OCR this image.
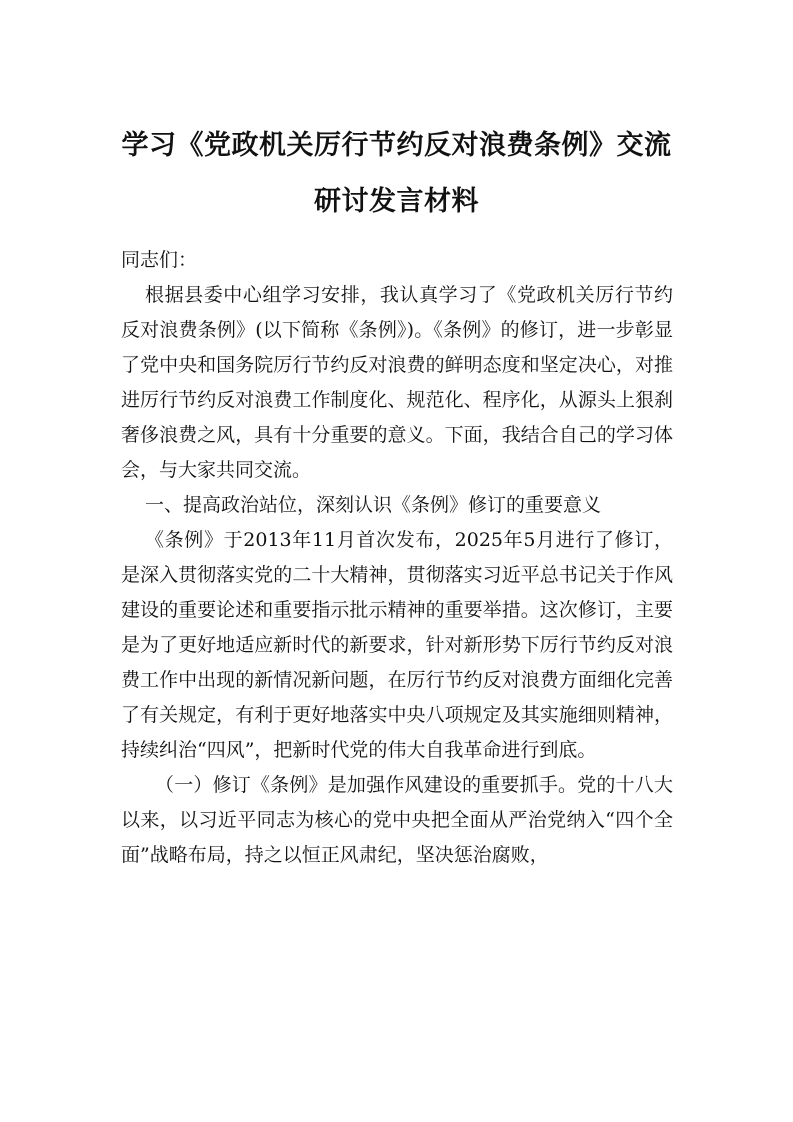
学习《党政机关厉行节约反对浪费条例》交流研讨发言材料

同志们：

根据县委中心组学习安排，我认真学习了《党政机关厉行节约反对浪费条例》(以下简称《条例》)。《条例》的修订，进一步彰显了党中央和国务院厉行节约反对浪费的鲜明态度和坚定决心，对推进厉行节约反对浪费工作制度化、规范化、程序化，从源头上狠刹奢侈浪费之风，具有十分重要的意义。下面，我结合自己的学习体会，与大家共同交流。

一、提高政治站位，深刻认识《条例》修订的重要意义

《条例》于2013年11月首次发布，2025年5月进行了修订，是深入贯彻落实党的二十大精神，贯彻落实习近平总书记关于作风建设的重要论述和重要指示批示精神的重要举措。这次修订，主要是为了更好地适应新时代的新要求，针对新形势下厉行节约反对浪费工作中出现的新情况新问题，在厉行节约反对浪费方面细化完善了有关规定，有利于更好地落实中央八项规定及其实施细则精神，持续纠治“四风”，把新时代党的伟大自我革命进行到底。

（一）修订《条例》是加强作风建设的重要抓手。党的十八大以来，以习近平同志为核心的党中央把全面从严治党纳入“四个全面”战略布局，持之以恒正风肃纪，坚决惩治腐败，
